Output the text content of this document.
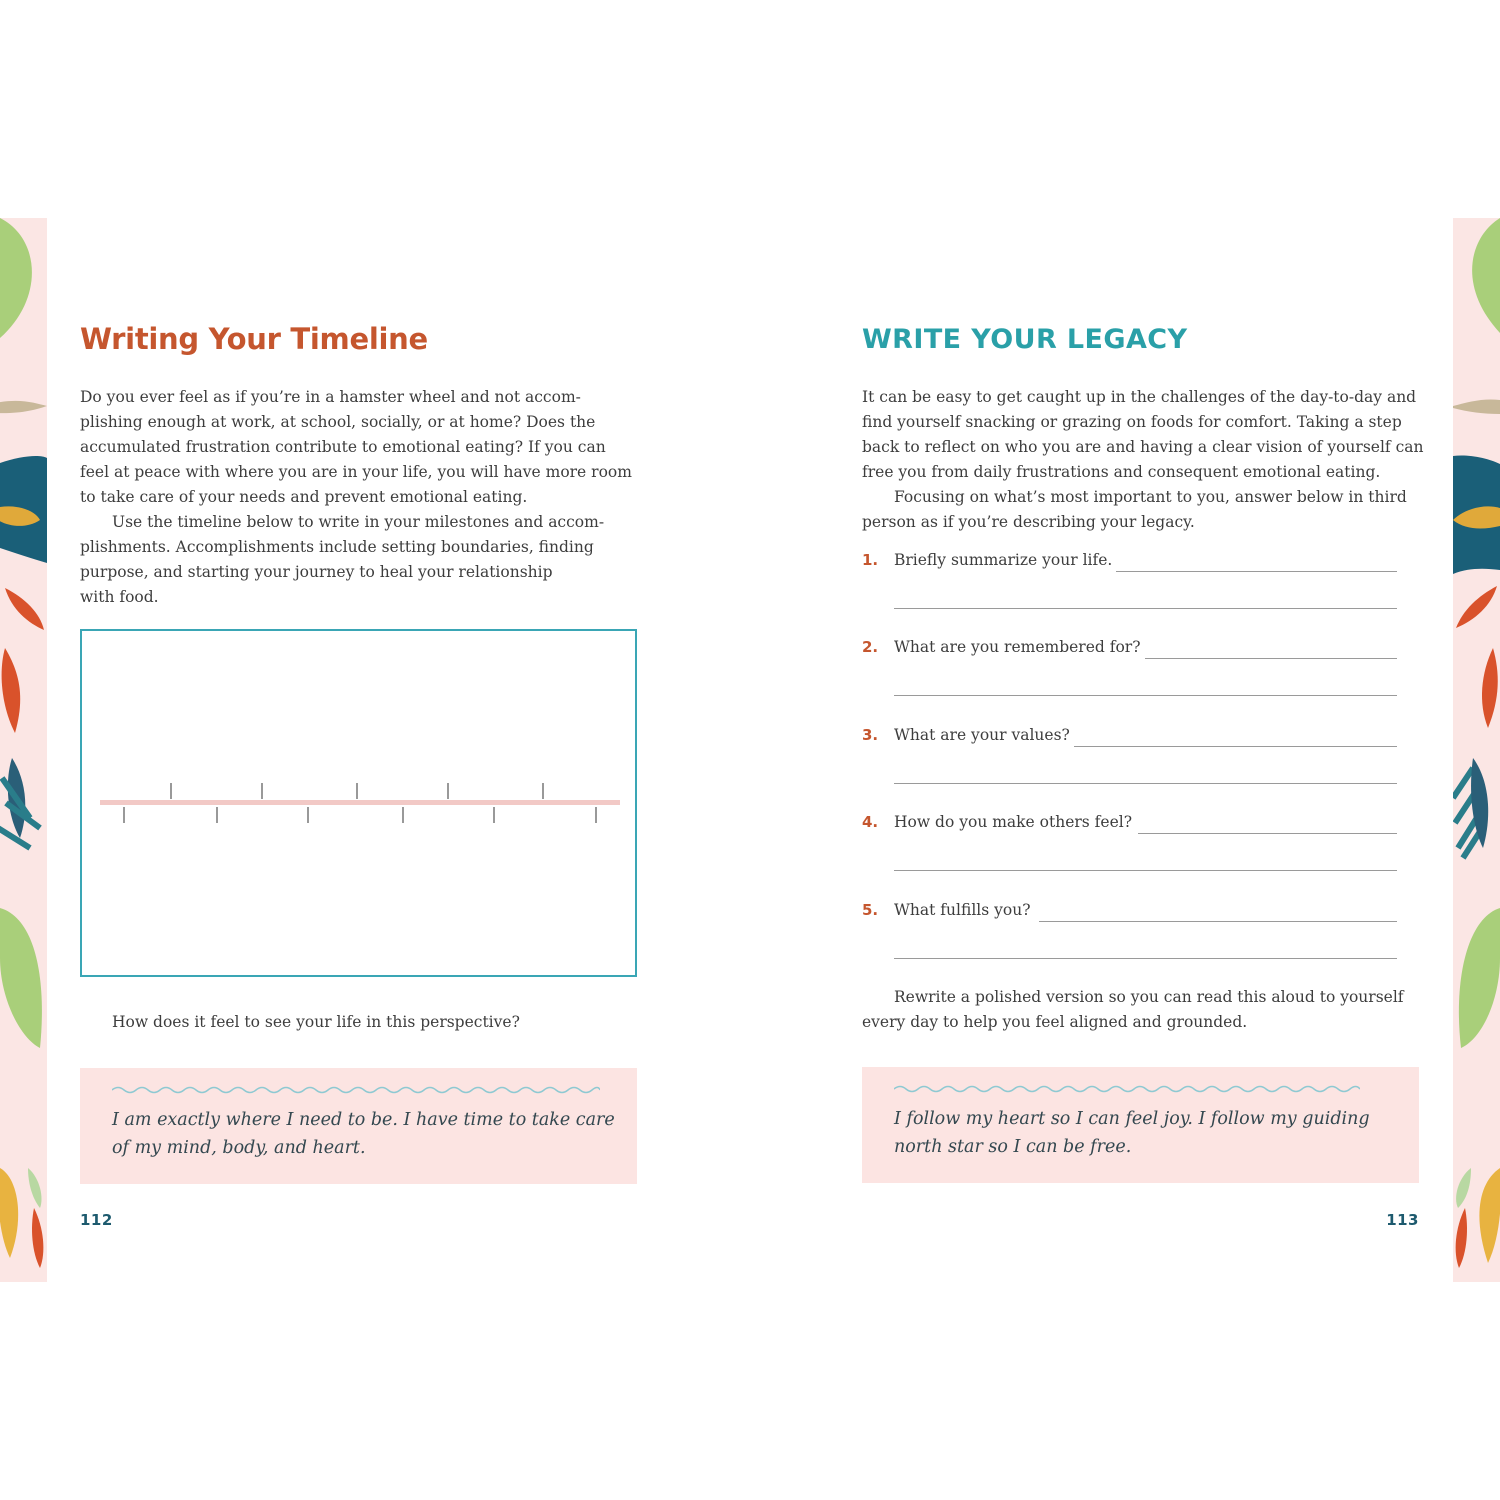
Writing Your Timeline

Do you ever feel as if you’re in a hamster wheel and not accom-
plishing enough at work, at school, socially, or at home? Does the
accumulated frustration contribute to emotional eating? If you can
feel at peace with where you are in your life, you will have more room
to take care of your needs and prevent emotional eating.

Use the timeline below to write in your milestones and accom-
plishments. Accomplishments include setting boundaries, finding
purpose, and starting your journey to heal your relationship
with food.

How does it feel to see your life in this perspective?
I am exactly where I need to be. I have time to take care
of my mind, body, and heart.
112
WRITE YOUR LEGACY

It can be easy to get caught up in the challenges of the day-to-day and
find yourself snacking or grazing on foods for comfort. Taking a step
back to reflect on who you are and having a clear vision of yourself can
free you from daily frustrations and consequent emotional eating.

Focusing on what’s most important to you, answer below in third
person as if you’re describing your legacy.

1. Briefly summarize your life.
2. What are you remembered for?
3. What are your values?
4. How do you make others feel?
5. What fulfills you?
Rewrite a polished version so you can read this aloud to yourself
every day to help you feel aligned and grounded.
I follow my heart so I can feel joy. I follow my guiding
north star so I can be free.
113
